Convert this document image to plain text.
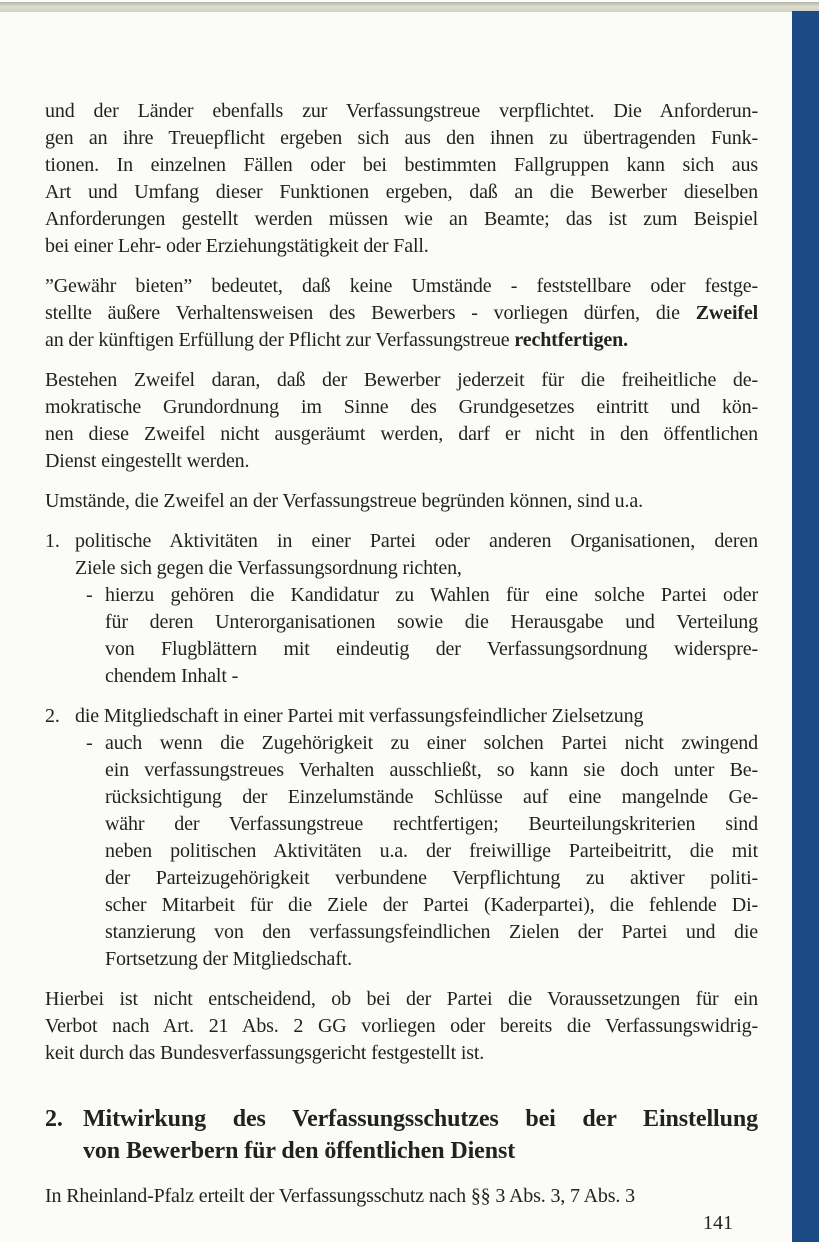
und der Länder ebenfalls zur Verfassungstreue verpflichtet. Die Anforderun-
gen an ihre Treuepflicht ergeben sich aus den ihnen zu übertragenden Funk-
tionen. In einzelnen Fällen oder bei bestimmten Fallgruppen kann sich aus
Art und Umfang dieser Funktionen ergeben, daß an die Bewerber dieselben
Anforderungen gestellt werden müssen wie an Beamte; das ist zum Beispiel
bei einer Lehr- oder Erziehungstätigkeit der Fall.
”Gewähr bieten” bedeutet, daß keine Umstände - feststellbare oder festge-
stellte äußere Verhaltensweisen des Bewerbers - vorliegen dürfen, die Zweifel
an der künftigen Erfüllung der Pflicht zur Verfassungstreue rechtfertigen.
Bestehen Zweifel daran, daß der Bewerber jederzeit für die freiheitliche de-
mokratische Grundordnung im Sinne des Grundgesetzes eintritt und kön-
nen diese Zweifel nicht ausgeräumt werden, darf er nicht in den öffentlichen
Dienst eingestellt werden.
Umstände, die Zweifel an der Verfassungstreue begründen können, sind u.a.
1. politische Aktivitäten in einer Partei oder anderen Organisationen, deren
Ziele sich gegen die Verfassungsordnung richten,
- hierzu gehören die Kandidatur zu Wahlen für eine solche Partei oder
für deren Unterorganisationen sowie die Herausgabe und Verteilung
von Flugblättern mit eindeutig der Verfassungsordnung widerspre-
chendem Inhalt -
2. die Mitgliedschaft in einer Partei mit verfassungsfeindlicher Zielsetzung
- auch wenn die Zugehörigkeit zu einer solchen Partei nicht zwingend
ein verfassungstreues Verhalten ausschließt, so kann sie doch unter Be-
rücksichtigung der Einzelumstände Schlüsse auf eine mangelnde Ge-
währ der Verfassungstreue rechtfertigen; Beurteilungskriterien sind
neben politischen Aktivitäten u.a. der freiwillige Parteibeitritt, die mit
der Parteizugehörigkeit verbundene Verpflichtung zu aktiver politi-
scher Mitarbeit für die Ziele der Partei (Kaderpartei), die fehlende Di-
stanzierung von den verfassungsfeindlichen Zielen der Partei und die
Fortsetzung der Mitgliedschaft.
Hierbei ist nicht entscheidend, ob bei der Partei die Voraussetzungen für ein
Verbot nach Art. 21 Abs. 2 GG vorliegen oder bereits die Verfassungswidrig-
keit durch das Bundesverfassungsgericht festgestellt ist.
2. Mitwirkung des Verfassungsschutzes bei der Einstellung
von Bewerbern für den öffentlichen Dienst
In Rheinland-Pfalz erteilt der Verfassungsschutz nach §§ 3 Abs. 3, 7 Abs. 3
141
